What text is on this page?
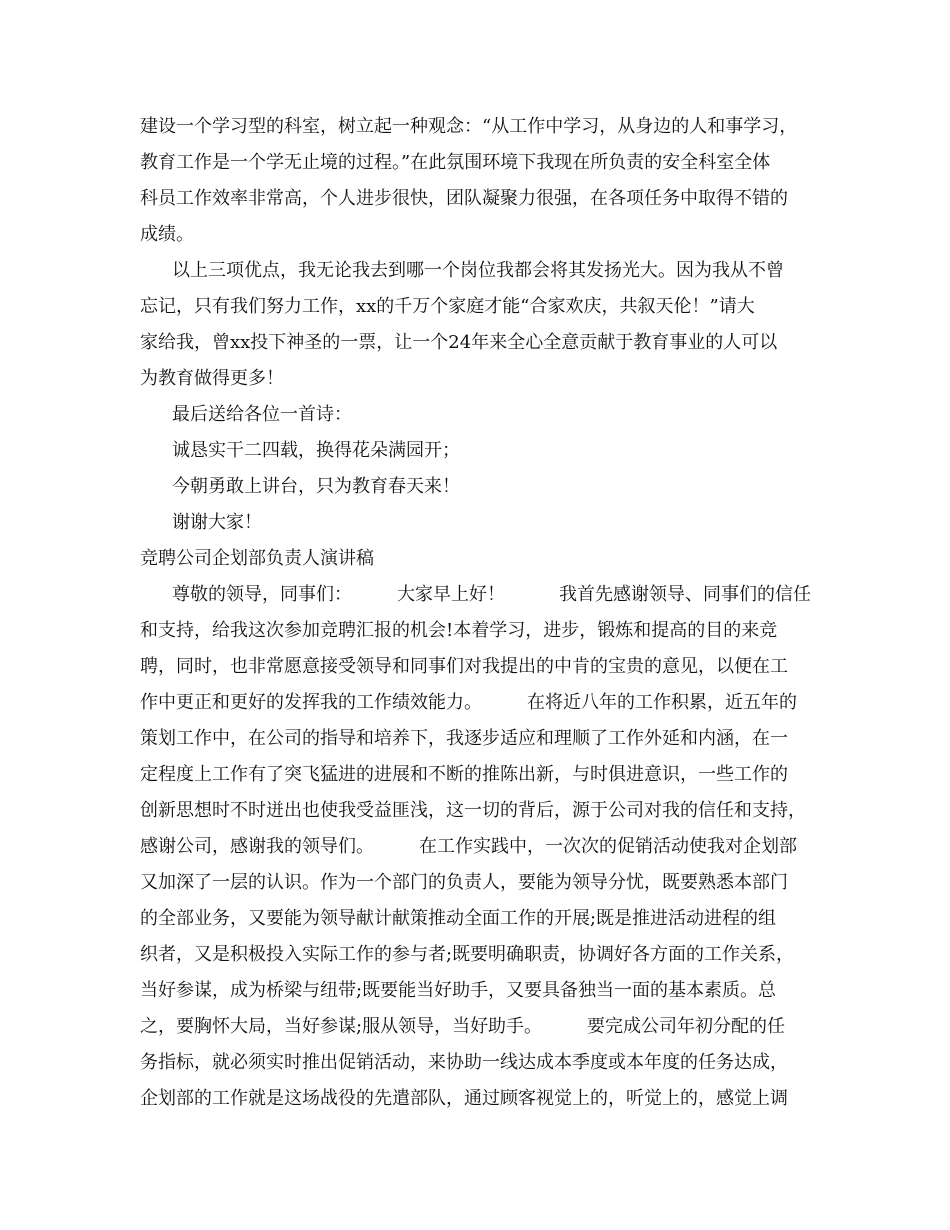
建设一个学习型的科室，树立起一种观念：“从工作中学习，从身边的人和事学习，
教育工作是一个学无止境的过程。”在此氛围环境下我现在所负责的安全科室全体
科员工作效率非常高，个人进步很快，团队凝聚力很强，在各项任务中取得不错的
成绩。
以上三项优点，我无论我去到哪一个岗位我都会将其发扬光大。因为我从不曾
忘记，只有我们努力工作，xx的千万个家庭才能“合家欢庆，共叙天伦！”请大
家给我，曾xx投下神圣的一票，让一个24年来全心全意贡献于教育事业的人可以
为教育做得更多！
最后送给各位一首诗：
诚恳实干二四载，换得花朵满园开；
今朝勇敢上讲台，只为教育春天来！
谢谢大家！
竞聘公司企划部负责人演讲稿
尊敬的领导，同事们：　　　大家早上好！　　　我首先感谢领导、同事们的信任
和支持，给我这次参加竞聘汇报的机会!本着学习，进步，锻炼和提高的目的来竞
聘，同时，也非常愿意接受领导和同事们对我提出的中肯的宝贵的意见，以便在工
作中更正和更好的发挥我的工作绩效能力。　　　在将近八年的工作积累，近五年的
策划工作中，在公司的指导和培养下，我逐步适应和理顺了工作外延和内涵，在一
定程度上工作有了突飞猛进的进展和不断的推陈出新，与时俱进意识，一些工作的
创新思想时不时迸出也使我受益匪浅，这一切的背后，源于公司对我的信任和支持，
感谢公司，感谢我的领导们。　　　在工作实践中，一次次的促销活动使我对企划部
又加深了一层的认识。作为一个部门的负责人，要能为领导分忧，既要熟悉本部门
的全部业务，又要能为领导献计献策推动全面工作的开展;既是推进活动进程的组
织者，又是积极投入实际工作的参与者;既要明确职责，协调好各方面的工作关系，
当好参谋，成为桥梁与纽带;既要能当好助手，又要具备独当一面的基本素质。总
之，要胸怀大局，当好参谋;服从领导，当好助手。　　　要完成公司年初分配的任
务指标，就必须实时推出促销活动，来协助一线达成本季度或本年度的任务达成，
企划部的工作就是这场战役的先遣部队，通过顾客视觉上的，听觉上的，感觉上调
